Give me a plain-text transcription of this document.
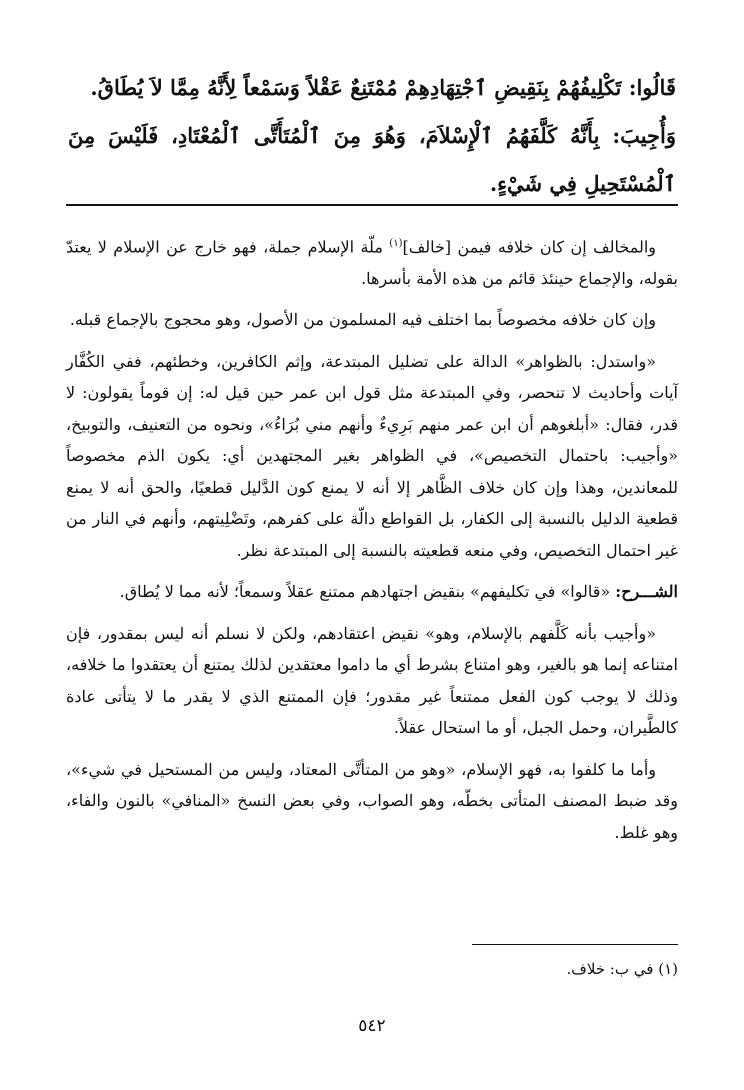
قَالُوا: تَكْلِيفُهُمْ بِنَقِيضِ ٱجْتِهَادِهِمْ مُمْتَنِعٌ عَقْلاً وَسَمْعاً لِأَنَّهُ مِمَّا لاَ يُطَاقُ.

وَأُجِيبَ: بِأَنَّهُ كَلَّفَهُمُ ٱلْإِسْلاَمَ، وَهُوَ مِنَ ٱلْمُتَأَتَّى ٱلْمُعْتَادِ، فَلَيْسَ مِنَ ٱلْمُسْتَحِيلِ فِي شَيْءٍ.

والمخالف إن كان خلافه فيمن [خالف]$^{(١)}$ ملّة الإسلام جملة، فهو خارج عن الإسلام لا يعتدّ بقوله، والإجماع حينئذ قائم من هذه الأمة بأسرها.

وإن كان خلافه مخصوصاً بما اختلف فيه المسلمون من الأصول، وهو محجوج بالإجماع قبله.

«واستدل: بالظواهر» الدالة على تضليل المبتدعة، وإثم الكافرين، وخطئهم، ففي الكُفَّار آيات وأحاديث لا تنحصر، وفي المبتدعة مثل قول ابن عمر حين قيل له: إن قوماً يقولون: لا قدر، فقال: «أبلغوهم أن ابن عمر منهم بَرِيءٌ وأنهم مني بُرَاءُ»، ونحوه من التعنيف، والتوبيخ، «وأجيب: باحتمال التخصيص»، في الظواهر بغير المجتهدين أي: يكون الذم مخصوصاً للمعاندين، وهذا وإن كان خلاف الظَّاهر إلا أنه لا يمنع كون الدَّليل قطعيًا، والحق أنه لا يمنع قطعية الدليل بالنسبة إلى الكفار، بل القواطع دالّة على كفرهم، وتَضْلِيتهم، وأنهم في النار من غير احتمال التخصيص، وفي منعه قطعيته بالنسبة إلى المبتدعة نظر.

الشـــرح: «قالوا» في تكليفهم» بنقيض اجتهادهم ممتنع عقلاً وسمعاً؛ لأنه مما لا يُطاق.

«وأجيب بأنه كَلَّفهم بالإسلام، وهو» نقيض اعتقادهم، ولكن لا نسلم أنه ليس بمقدور، فإن امتناعه إنما هو بالغير، وهو امتناع بشرط أي ما داموا معتقدين لذلك يمتنع أن يعتقدوا ما خلافه، وذلك لا يوجب كون الفعل ممتنعاً غير مقدور؛ فإن الممتنع الذي لا يقدر ما لا يتأتى عادة كالطَّيران، وحمل الجبل، أو ما استحال عقلاً.

وأما ما كلفوا به، فهو الإسلام، «وهو من المتأتَّى المعتاد، وليس من المستحيل في شيء»، وقد ضبط المصنف المتأتى بخطّه، وهو الصواب، وفي بعض النسخ «المنافي» بالنون والفاء، وهو غلط.

(١) في ب: خلاف.
٥٤٢
